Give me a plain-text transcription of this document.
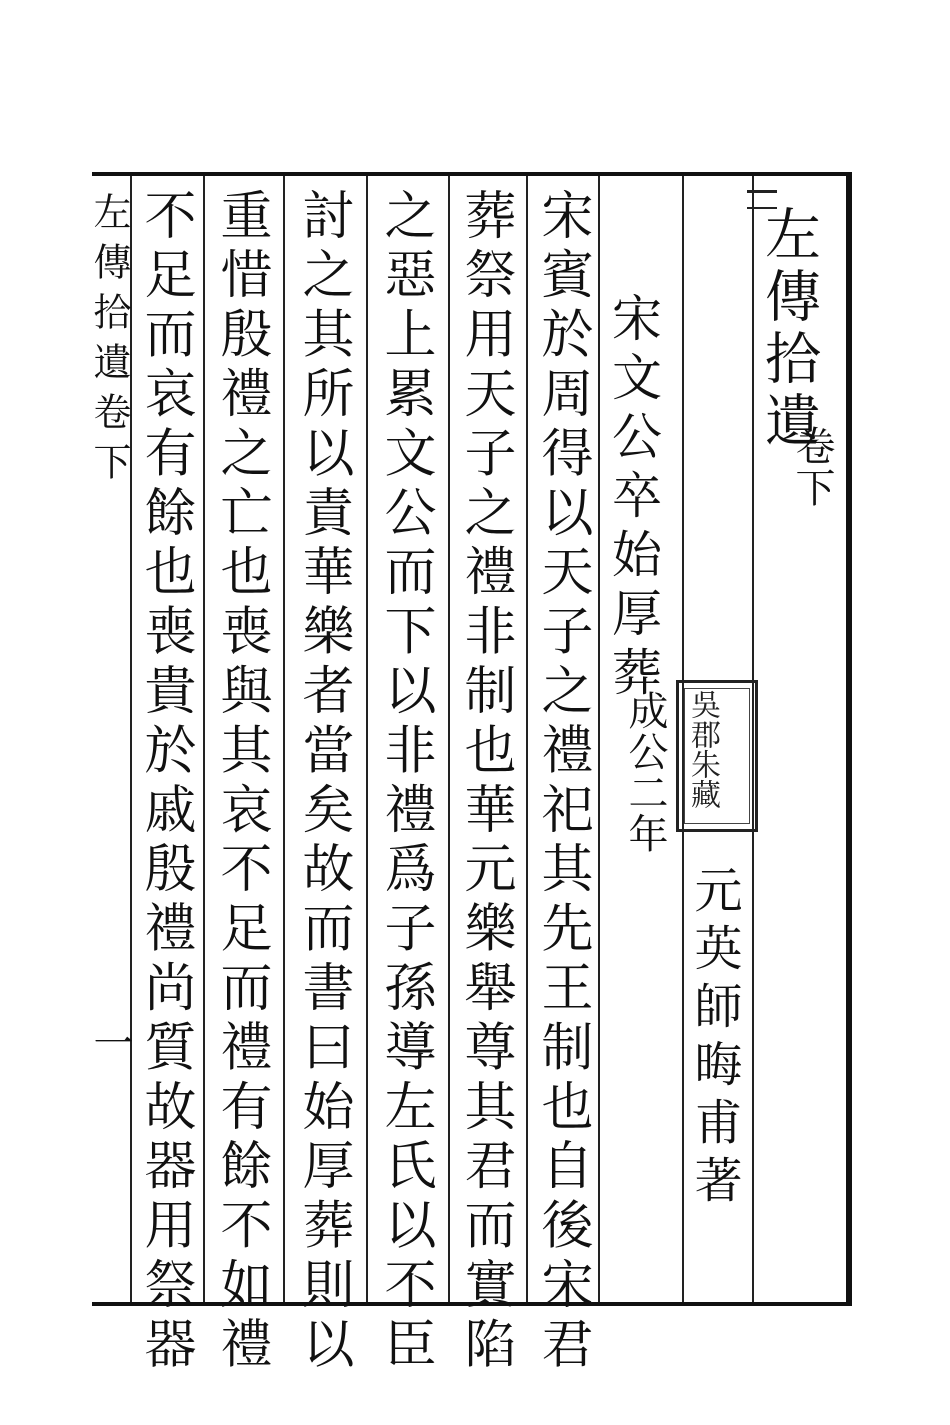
左傳拾遺
卷下
吳郡朱藏
元英師晦甫著
宋文公卒始厚葬
成公二年
宋賓於周得以天子之禮祀其先王制也自後宋君
葬祭用天子之禮非制也華元樂舉尊其君而實陷
之惡上累文公而下以非禮爲子孫導左氏以不臣
討之其所以責華樂者當矣故而書曰始厚葬則以
重惜殷禮之亡也喪與其哀不足而禮有餘不如禮
不足而哀有餘也喪貴於戚殷禮尚質故器用祭器
左傳拾遺卷下
一
